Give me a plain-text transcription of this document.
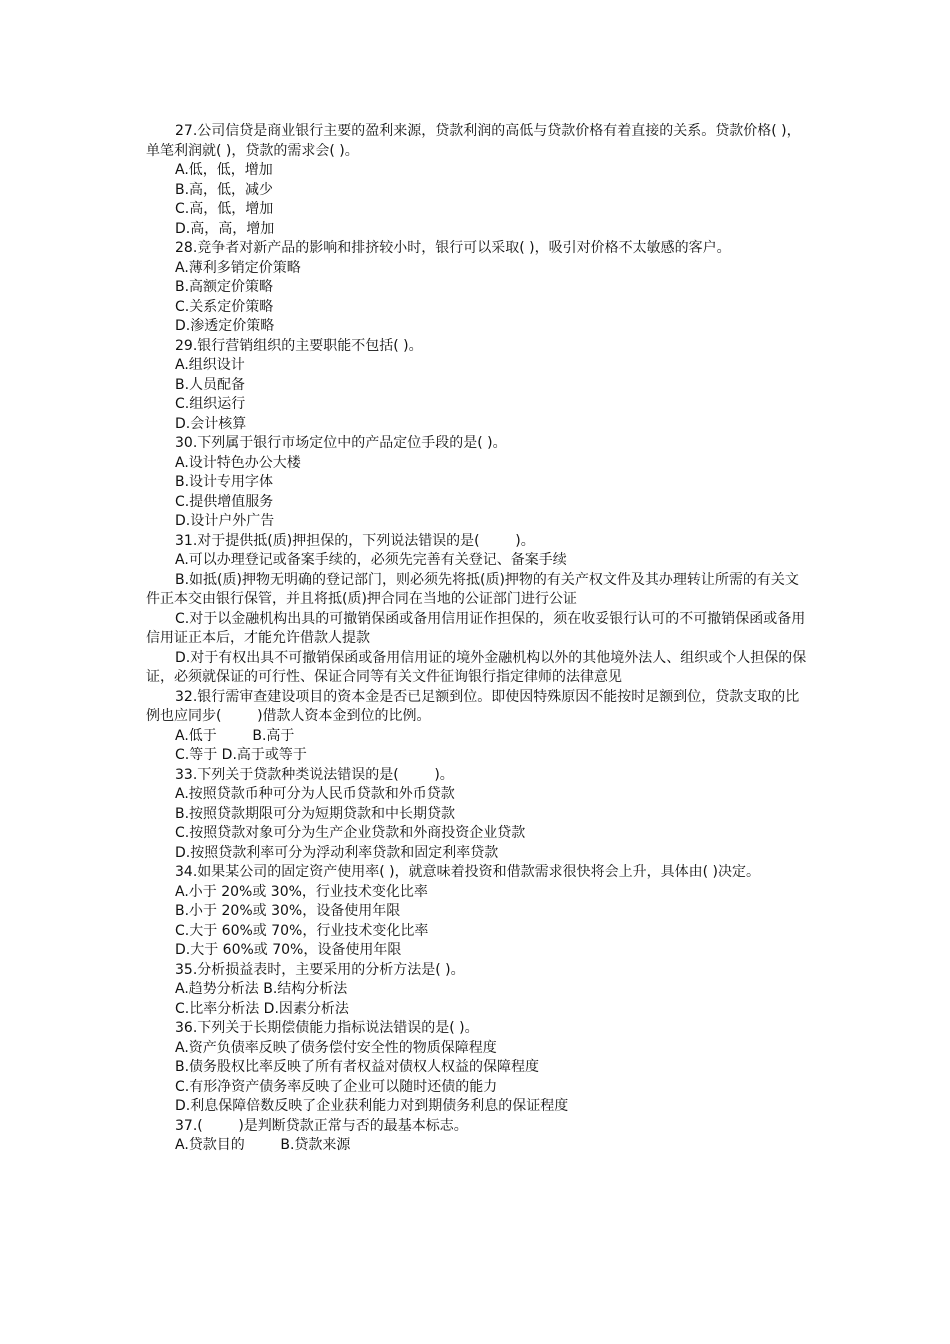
27.公司信贷是商业银行主要的盈利来源，贷款利润的高低与贷款价格有着直接的关系。贷款价格( )，单笔利润就( )，贷款的需求会( )。

A.低，低，增加

B.高，低，减少

C.高，低，增加

D.高，高，增加

28.竞争者对新产品的影响和排挤较小时，银行可以采取( )，吸引对价格不太敏感的客户。

A.薄利多销定价策略

B.高额定价策略

C.关系定价策略

D.渗透定价策略

29.银行营销组织的主要职能不包括( )。

A.组织设计

B.人员配备

C.组织运行

D.会计核算

30.下列属于银行市场定位中的产品定位手段的是( )。

A.设计特色办公大楼

B.设计专用字体

C.提供增值服务

D.设计户外广告

31.对于提供抵(质)押担保的，下列说法错误的是(        )。

A.可以办理登记或备案手续的，必须先完善有关登记、备案手续

B.如抵(质)押物无明确的登记部门，则必须先将抵(质)押物的有关产权文件及其办理转让所需的有关文件正本交由银行保管，并且将抵(质)押合同在当地的公证部门进行公证

C.对于以金融机构出具的可撤销保函或备用信用证作担保的，须在收妥银行认可的不可撤销保函或备用信用证正本后，才能允许借款人提款

D.对于有权出具不可撤销保函或备用信用证的境外金融机构以外的其他境外法人、组织或个人担保的保证，必须就保证的可行性、保证合同等有关文件征询银行指定律师的法律意见

32.银行需审查建设项目的资本金是否已足额到位。即使因特殊原因不能按时足额到位，贷款支取的比例也应同步(        )借款人资本金到位的比例。

A.低于        B.高于

C.等于 D.高于或等于

33.下列关于贷款种类说法错误的是(        )。

A.按照贷款币种可分为人民币贷款和外币贷款

B.按照贷款期限可分为短期贷款和中长期贷款

C.按照贷款对象可分为生产企业贷款和外商投资企业贷款

D.按照贷款利率可分为浮动利率贷款和固定利率贷款

34.如果某公司的固定资产使用率( )，就意味着投资和借款需求很快将会上升，具体由( )决定。

A.小于 20%或 30%，行业技术变化比率

B.小于 20%或 30%，设备使用年限

C.大于 60%或 70%，行业技术变化比率

D.大于 60%或 70%，设备使用年限

35.分析损益表时，主要采用的分析方法是( )。

A.趋势分析法 B.结构分析法

C.比率分析法 D.因素分析法

36.下列关于长期偿债能力指标说法错误的是( )。

A.资产负债率反映了债务偿付安全性的物质保障程度

B.债务股权比率反映了所有者权益对债权人权益的保障程度

C.有形净资产债务率反映了企业可以随时还债的能力

D.利息保障倍数反映了企业获利能力对到期债务利息的保证程度

37.(        )是判断贷款正常与否的最基本标志。

A.贷款目的        B.贷款来源
